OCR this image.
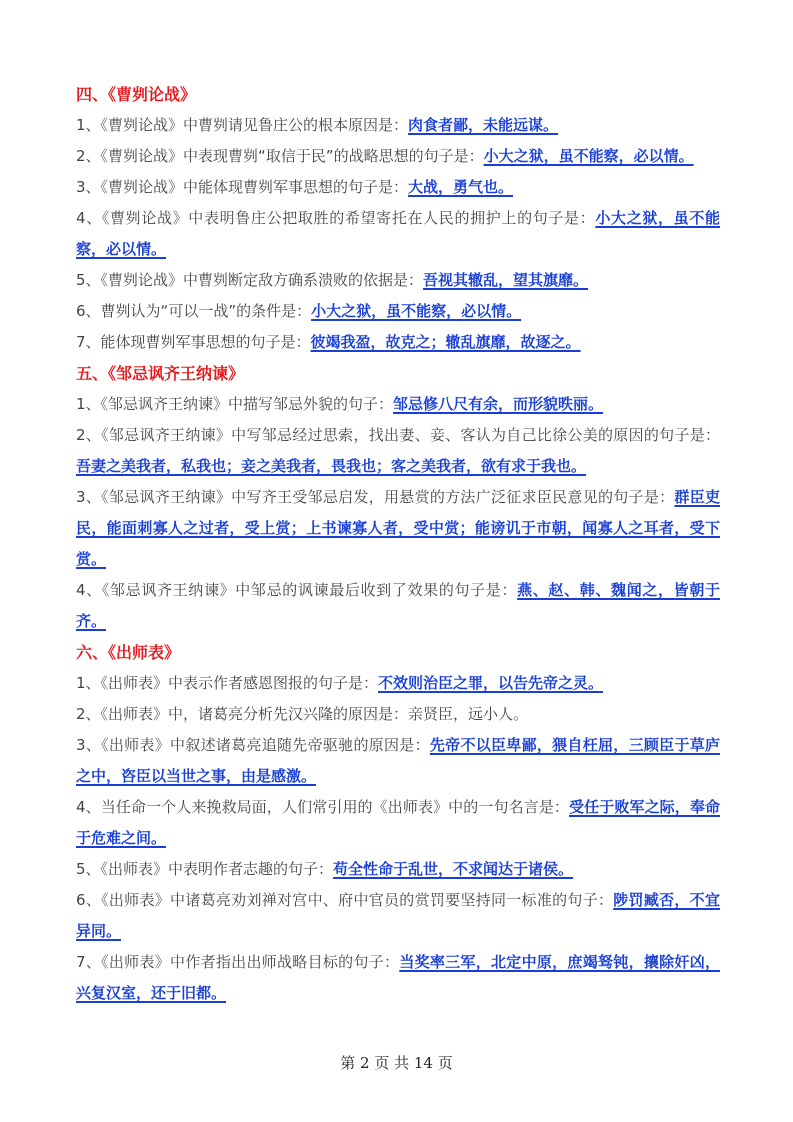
四、《曹刿论战》
1、《曹刿论战》中曹刿请见鲁庄公的根本原因是：肉食者鄙，未能远谋。
2、《曹刿论战》中表现曹刿“取信于民”的战略思想的句子是：小大之狱，虽不能察，必以情。
3、《曹刿论战》中能体现曹刿军事思想的句子是：大战，勇气也。
4、《曹刿论战》中表明鲁庄公把取胜的希望寄托在人民的拥护上的句子是：小大之狱，虽不能察，必以情。
5、《曹刿论战》中曹刿断定敌方确系溃败的依据是：吾视其辙乱，望其旗靡。
6、曹刿认为“可以一战”的条件是：小大之狱，虽不能察，必以情。
7、能体现曹刿军事思想的句子是：彼竭我盈，故克之；辙乱旗靡，故逐之。
五、《邹忌讽齐王纳谏》
1、《邹忌讽齐王纳谏》中描写邹忌外貌的句子：邹忌修八尺有余，而形貌昳丽。
2、《邹忌讽齐王纳谏》中写邹忌经过思索，找出妻、妾、客认为自己比徐公美的原因的句子是：吾妻之美我者，私我也；妾之美我者，畏我也；客之美我者，欲有求于我也。
3、《邹忌讽齐王纳谏》中写齐王受邹忌启发，用悬赏的方法广泛征求臣民意见的句子是：群臣吏民，能面刺寡人之过者，受上赏；上书谏寡人者，受中赏；能谤讥于市朝，闻寡人之耳者，受下赏。
4、《邹忌讽齐王纳谏》中邹忌的讽谏最后收到了效果的句子是：燕、赵、韩、魏闻之，皆朝于齐。
六、《出师表》
1、《出师表》中表示作者感恩图报的句子是：不效则治臣之罪，以告先帝之灵。
2、《出师表》中，诸葛亮分析先汉兴隆的原因是：亲贤臣，远小人。
3、《出师表》中叙述诸葛亮追随先帝驱驰的原因是：先帝不以臣卑鄙，猥自枉屈，三顾臣于草庐之中，咨臣以当世之事，由是感激。
4、当任命一个人来挽救局面，人们常引用的《出师表》中的一句名言是：受任于败军之际，奉命于危难之间。
5、《出师表》中表明作者志趣的句子：苟全性命于乱世，不求闻达于诸侯。
6、《出师表》中诸葛亮劝刘禅对宫中、府中官员的赏罚要坚持同一标准的句子：陟罚臧否，不宜异同。
7、《出师表》中作者指出出师战略目标的句子：当奖率三军，北定中原，庶竭驽钝，攘除奸凶，兴复汉室，还于旧都。
第 2 页 共 14 页
